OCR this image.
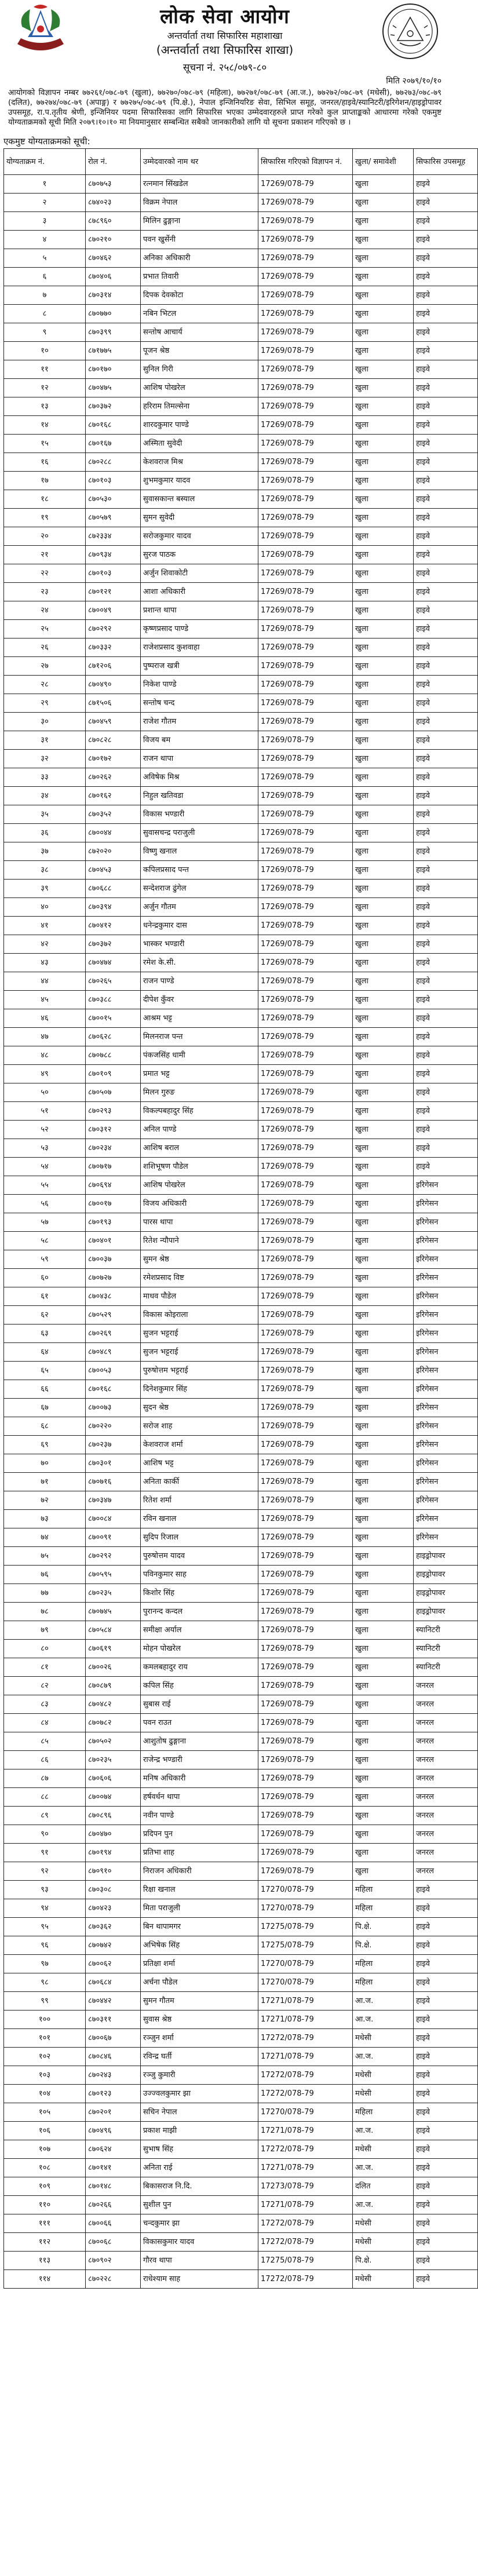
लोक सेवा आयोग
अन्तर्वार्ता तथा सिफारिस महाशाखा
(अन्तर्वार्ता तथा सिफारिस शाखा)
सूचना नं. २५८/०७९-८०
मिति २०७९/१०/१०
आयोगको विज्ञापन नम्बर ७७२६१/०७८-७९ (खुला), ७७२७०/०७८-७९ (महिला), ७७२७१/०७८-७९ (आ.ज.), ७७२७२/०७८-७९ (मधेसी), ७७२७३/०७८-७९ (दलित), ७७२७४/०७८-७९ (अपाङ्ग) र ७७२७५/०७८-७९ (पि.क्षे.), नेपाल इन्जिनियरिङ सेवा, सिभिल समूह, जनरल/हाइवे/स्यानिटरी/इरिगेशन/हाइड्रोपावर उपसमूह, रा.प.तृतीय श्रेणी, इन्जिनियर पदमा सिफारिसका लागि सिफारिस भएका उम्मेदवारहरुले प्राप्त गरेको कुल प्राप्ताङ्कको आधारमा गरेको एकमुष्ट योग्यताक्रमको सूची मिति २०७९।१०।१० मा नियमानुसार सम्बन्धित सबैको जानकारीको लागि यो सूचना प्रकाशन गरिएको छ ।
एकमुष्ट योग्यताक्रमको सूची:
योग्यताक्रम नं.	रोल नं.	उम्मेदवारको नाम थर	सिफारिस गरिएको विज्ञापन नं.	खुला/ समावेशी	सिफारिस उपसमूह
१	८७०७५३	रत्नमान सिंखडेल	17269/078-79	खुला	हाइवे
२	८७४०२३	विक्रम नेपाल	17269/078-79	खुला	हाइवे
३	८७८९६०	मिलिन ढुङ्गाना	17269/078-79	खुला	हाइवे
४	८७०२१०	पवन खुर्सेनी	17269/078-79	खुला	हाइवे
५	८७०४६२	अनिका अधिकारी	17269/078-79	खुला	हाइवे
६	८७०४०६	प्रभात तिवारी	17269/078-79	खुला	हाइवे
७	८७०३१४	दिपक देवकोटा	17269/078-79	खुला	हाइवे
८	८७०७७०	नबिन भिटल	17269/078-79	खुला	हाइवे
९	८७०३९९	सन्तोष आचार्य	17269/078-79	खुला	हाइवे
१०	८७१७७५	पूजन श्रेष्ठ	17269/078-79	खुला	हाइवे
११	८७०१७०	सुनिल गिरी	17269/078-79	खुला	हाइवे
१२	८७०४७५	आशिष पोखरेल	17269/078-79	खुला	हाइवे
१३	८७०३७२	हरिराम तिमल्सेना	17269/078-79	खुला	हाइवे
१४	८७०१६८	शारदकुमार पाण्डे	17269/078-79	खुला	हाइवे
१५	८७०१६७	अस्मिता सुवेदी	17269/078-79	खुला	हाइवे
१६	८७०२८८	केशवराज मिश्र	17269/078-79	खुला	हाइवे
१७	८७०१०३	शुभमकुमार यादव	17269/078-79	खुला	हाइवे
१८	८७०५३०	सुवासकान्त बस्याल	17269/078-79	खुला	हाइवे
१९	८७०५७९	सुमन सुवेदी	17269/078-79	खुला	हाइवे
२०	८७२३३४	सरोजकुमार यादव	17269/078-79	खुला	हाइवे
२१	८७०९३४	सुरज पाठक	17269/078-79	खुला	हाइवे
२२	८७०१०३	अर्जुन शिवाकोटी	17269/078-79	खुला	हाइवे
२३	८७०१२१	आशा अधिकारी	17269/078-79	खुला	हाइवे
२४	८७००४९	प्रशान्त थापा	17269/078-79	खुला	हाइवे
२५	८७०२९२	कृष्णप्रसाद पाण्डे	17269/078-79	खुला	हाइवे
२६	८७०३३२	राजेशप्रसाद कुशवाहा	17269/078-79	खुला	हाइवे
२७	८७१२०६	पुष्पराज खत्री	17269/078-79	खुला	हाइवे
२८	८७०४९०	निकेश पाण्डे	17269/078-79	खुला	हाइवे
२९	८७१५०६	सन्तोष चन्द	17269/078-79	खुला	हाइवे
३०	८७०४५९	राजेश गौतम	17269/078-79	खुला	हाइवे
३१	८७०८२८	विजय बम	17269/078-79	खुला	हाइवे
३२	८७०१७२	राजन थापा	17269/078-79	खुला	हाइवे
३३	८७०२६२	अविषेक मिश्र	17269/078-79	खुला	हाइवे
३४	८७०१६२	निहुल खतिवडा	17269/078-79	खुला	हाइवे
३५	८७०३५२	विकास भण्डारी	17269/078-79	खुला	हाइवे
३६	८७००४४	सुवासचन्द्र पराजुली	17269/078-79	खुला	हाइवे
३७	८७२०२०	विष्णु खनाल	17269/078-79	खुला	हाइवे
३८	८७०४५३	कपिलप्रसाद पन्त	17269/078-79	खुला	हाइवे
३९	८७०६८८	सन्देशराज ढुंगेल	17269/078-79	खुला	हाइवे
४०	८७०३९४	अर्जुन गौतम	17269/078-79	खुला	हाइवे
४१	८७०४१२	धनेन्द्रकुमार दास	17269/078-79	खुला	हाइवे
४२	८७०३७२	भास्कर भण्डारी	17269/078-79	खुला	हाइवे
४३	८७०४७४	रमेश के.सी.	17269/078-79	खुला	हाइवे
४४	८७०२६५	राजन पाण्डे	17269/078-79	खुला	हाइवे
४५	८७०३८८	दीपेश कुँवर	17269/078-79	खुला	हाइवे
४६	८७००१५	आश्रम भट्ट	17269/078-79	खुला	हाइवे
४७	८७०६२८	मिलनराज पन्त	17269/078-79	खुला	हाइवे
४८	८७०७८८	पंकजसिंह धामी	17269/078-79	खुला	हाइवे
४९	८७०१०९	प्रमात भट्ट	17269/078-79	खुला	हाइवे
५०	८७०५०७	मिलन गुरुङ	17269/078-79	खुला	हाइवे
५१	८७०२९३	विकल्पबहादुर सिंह	17269/078-79	खुला	हाइवे
५२	८७०३१२	अनिल पाण्डे	17269/078-79	खुला	हाइवे
५३	८७०२३४	आशिष बराल	17269/078-79	खुला	हाइवे
५४	८७०७१७	शशिभूषण पौडेल	17269/078-79	खुला	हाइवे
५५	८७०६९४	आशिष पोखरेल	17269/078-79	खुला	इरिगेसन
५६	८७००१७	विजय अधिकारी	17269/078-79	खुला	इरिगेसन
५७	८७०१९३	पारस थापा	17269/078-79	खुला	इरिगेसन
५८	८७०४०१	रितेश न्यौपाने	17269/078-79	खुला	इरिगेसन
५९	८७००३७	सुमन श्रेष्ठ	17269/078-79	खुला	इरिगेसन
६०	८७०७२७	रमेशप्रसाद विष्ट	17269/078-79	खुला	इरिगेसन
६१	८७०४३८	माधव पौडेल	17269/078-79	खुला	इरिगेसन
६२	८७०५२९	विकास कोइराला	17269/078-79	खुला	इरिगेसन
६३	८७०२६९	सुजन भट्टराई	17269/078-79	खुला	इरिगेसन
६४	८७०४८९	सुजन भट्टराई	17269/078-79	खुला	इरिगेसन
६५	८७००५३	पुरुषोत्तम भट्टराई	17269/078-79	खुला	इरिगेसन
६६	८७०१६८	दिनेशकुमार सिंह	17269/078-79	खुला	इरिगेसन
६७	८७००७३	सुदन श्रेष्ठ	17269/078-79	खुला	इरिगेसन
६८	८७०२२०	सरोज शाह	17269/078-79	खुला	इरिगेसन
६९	८७०२३७	केशवराज शर्मा	17269/078-79	खुला	इरिगेसन
७०	८७०३०१	आशिष भट्ट	17269/078-79	खुला	इरिगेसन
७१	८७०७१६	अनिता कार्की	17269/078-79	खुला	इरिगेसन
७२	८७०३४७	रितेश शर्मा	17269/078-79	खुला	इरिगेसन
७३	८७००८४	रविन खनाल	17269/078-79	खुला	इरिगेसन
७४	८७००९१	सुदिप रिजाल	17269/078-79	खुला	इरिगेसन
७५	८७०२९२	पुरुषोत्तम यादव	17269/078-79	खुला	हाइड्रोपावर
७६	८७०५९५	पविनकुमार साह	17269/078-79	खुला	हाइड्रोपावर
७७	८७०२३५	किशोर सिंह	17269/078-79	खुला	हाइड्रोपावर
७८	८७०७४५	पुरानन्द कन्दल	17269/078-79	खुला	हाइड्रोपावर
७९	८७०५८४	समीक्षा अर्याल	17269/078-79	खुला	स्यानिटरी
८०	८७०६१९	मोहन पोखरेल	17269/078-79	खुला	स्यानिटरी
८१	८७००२६	कमलबहादुर राय	17269/078-79	खुला	स्यानिटरी
८२	८७०८७९	कपिल सिंह	17269/078-79	खुला	जनरल
८३	८७०४८२	सुबास राई	17269/078-79	खुला	जनरल
८४	८७०७८२	पवन राउत	17269/078-79	खुला	जनरल
८५	८७०५०२	आशुतोष ढुङ्गाना	17269/078-79	खुला	जनरल
८६	८७०२३५	राजेन्द्र भण्डारी	17269/078-79	खुला	जनरल
८७	८७०६०६	मनिष अधिकारी	17269/078-79	खुला	जनरल
८८	८७००७४	हर्षवर्धन थापा	17269/078-79	खुला	जनरल
८९	८७०८९६	नवीन पाण्डे	17269/078-79	खुला	जनरल
९०	८७०४७०	प्रदिपन पुन	17269/078-79	खुला	जनरल
९१	८७०१९४	प्रतिभा शाह	17269/078-79	खुला	जनरल
९२	८७०९१०	निराजन अधिकारी	17269/078-79	खुला	जनरल
९३	८७०३०८	रिक्षा खनाल	17270/078-79	महिला	हाइवे
९४	८७०४२३	मिता पराजुली	17270/078-79	महिला	हाइवे
९५	८७०३६२	बिन थापामगर	17275/078-79	पि.क्षे.	हाइवे
९६	८७०७४२	अभिषेक सिंह	17275/078-79	पि.क्षे.	हाइवे
९७	८७००६२	प्रतिक्षा शर्मा	17270/078-79	महिला	हाइवे
९८	८७०६८४	अर्चना पौडेल	17270/078-79	महिला	हाइवे
९९	८७०४४२	सुमन गौतम	17271/078-79	आ.ज.	हाइवे
१००	८७०३११	सुवास श्रेष्ठ	17271/078-79	आ.ज.	हाइवे
१०१	८७००६७	रञ्जुन शर्मा	17272/078-79	मधेसी	हाइवे
१०२	८७०८४६	रविन्द्र घर्ती	17271/078-79	आ.ज.	हाइवे
१०३	८७०२४३	रञ्जु कुमारी	17272/078-79	मधेसी	हाइवे
१०४	८७०१२३	उज्ज्वलकुमार झा	17272/078-79	मधेसी	हाइवे
१०५	८७०२०१	सचिन नेपाल	17270/078-79	महिला	हाइवे
१०६	८७०४९६	प्रकाश माझी	17271/078-79	आ.ज.	हाइवे
१०७	८७०६२४	सुभाष सिंह	17272/078-79	मधेसी	हाइवे
१०८	८७०१४१	अनिता राई	17271/078-79	आ.ज.	हाइवे
१०९	८७०१४८	बिकासराज नि.दि.	17273/078-79	दलित	हाइवे
११०	८७०२६६	सुशील पुन	17271/078-79	आ.ज.	हाइवे
१११	८७००६६	चन्दकुमार झा	17272/078-79	मधेसी	हाइवे
११२	८७००६८	विकासकुमार यादव	17272/078-79	मधेसी	हाइवे
११३	८७०९०२	गौरव थापा	17275/078-79	पि.क्षे.	हाइवे
११४	८७०२२८	राधेश्याम साह	17272/078-79	मधेसी	हाइवे
